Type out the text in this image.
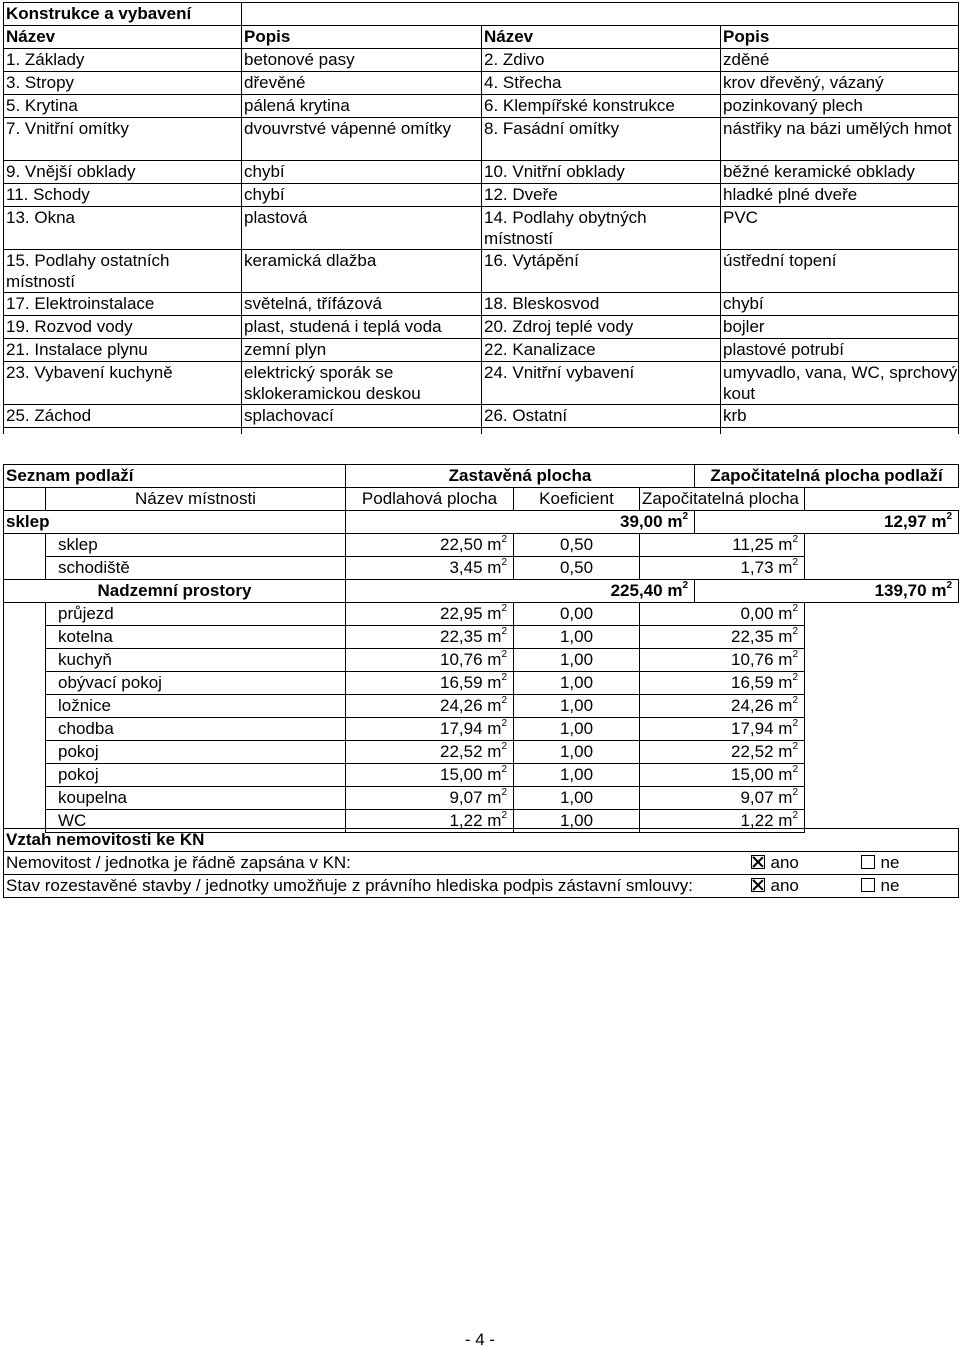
Konstrukce a vybavení			
Název	Popis	Název	Popis
1. Základy	betonové pasy	2. Zdivo	zděné
3. Stropy	dřevěné	4. Střecha	krov dřevěný, vázaný
5. Krytina	pálená krytina	6. Klempířské konstrukce	pozinkovaný plech
7. Vnitřní omítky	dvouvrstvé vápenné omítky	8. Fasádní omítky	nástřiky na bázi umělých hmot
9. Vnější obklady	chybí	10. Vnitřní obklady	běžné keramické obklady
11. Schody	chybí	12. Dveře	hladké plné dveře
13. Okna	plastová	14. Podlahy obytných místností	PVC
15. Podlahy ostatních místností	keramická dlažba	16. Vytápění	ústřední topení
17. Elektroinstalace	světelná, třífázová	18. Bleskosvod	chybí
19. Rozvod vody	plast, studená i teplá voda	20. Zdroj teplé vody	bojler
21. Instalace plynu	zemní plyn	22. Kanalizace	plastové potrubí
23. Vybavení kuchyně	elektrický sporák se sklokeramickou deskou	24. Vnitřní vybavení	umyvadlo, vana, WC, sprchový kout
25. Záchod	splachovací	26. Ostatní	krb

Seznam podlaží		Zastavěná plocha			Započitatelná plocha podlaží	
	Název místnosti	Podlahová plocha	Koeficient	Započitatelná plocha		
sklep		39,00 $m^2$			12,97 $m^2$
	sklep	22,50 $m^2$	0,50	11,25 $m^2$	
	schodiště	3,45 $m^2$	0,50	1,73 $m^2$	
Nadzemní prostory		225,40 $m^2$			139,70 $m^2$
	průjezd	22,95 $m^2$	0,00	0,00 $m^2$	
	kotelna	22,35 $m^2$	1,00	22,35 $m^2$	
	kuchyň	10,76 $m^2$	1,00	10,76 $m^2$	
	obývací pokoj	16,59 $m^2$	1,00	16,59 $m^2$	
	ložnice	24,26 $m^2$	1,00	24,26 $m^2$	
	chodba	17,94 $m^2$	1,00	17,94 $m^2$	
	pokoj	22,52 $m^2$	1,00	22,52 $m^2$	
	pokoj	15,00 $m^2$	1,00	15,00 $m^2$	
	koupelna	9,07 $m^2$	1,00	9,07 $m^2$	
	WC	1,22 $m^2$	1,00	1,22 $m^2$	
Vztah nemovitosti ke KN		
Nemovitost / jednotka je řádně zapsána v KN:	ano	ne
Stav rozestavěné stavby / jednotky umožňuje z právního hlediska podpis zástavní smlouvy:	ano	ne
- 4 -
